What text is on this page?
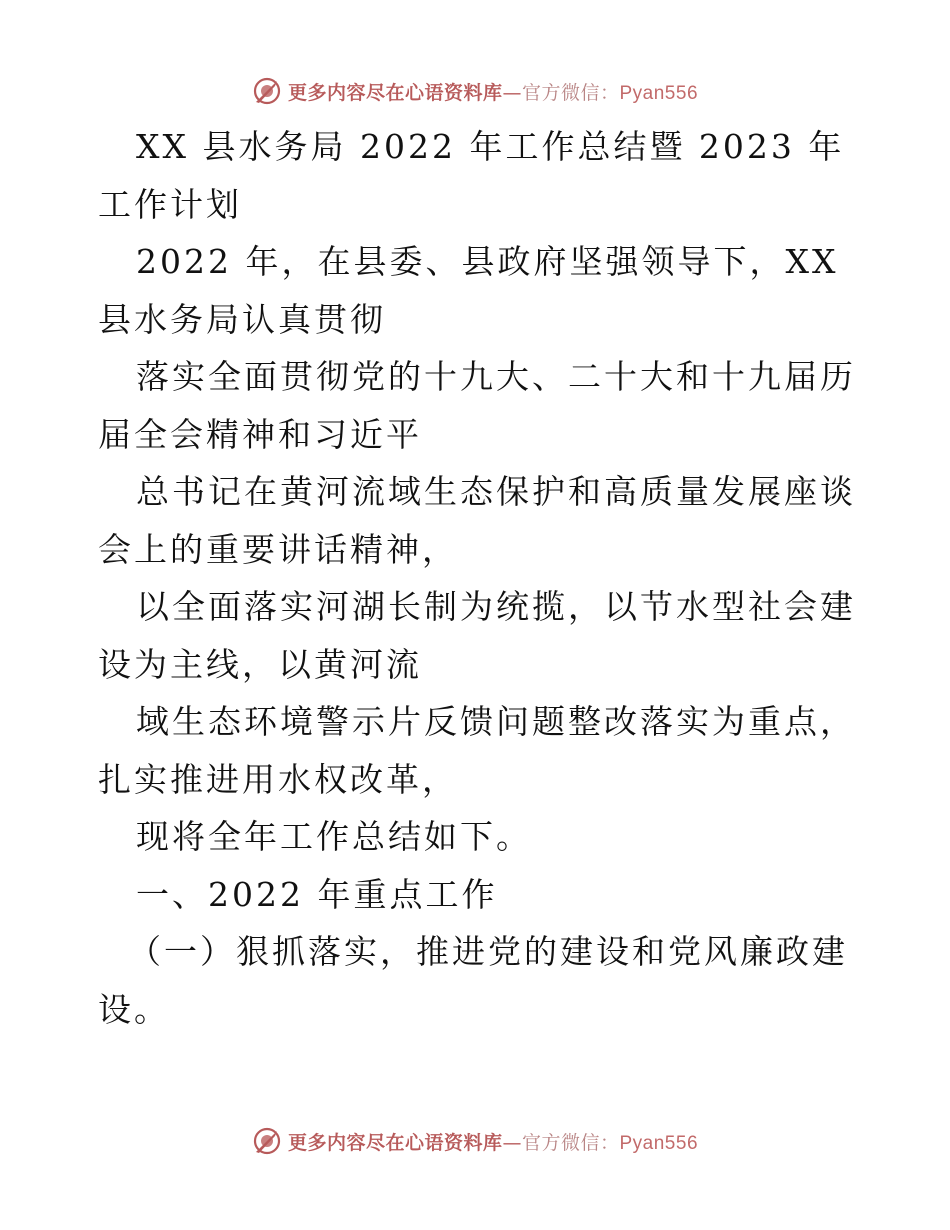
更多内容尽在心语资料库—官方微信：Pyan556

XX 县水务局 2022 年工作总结暨 2023 年工作计划

2022 年，在县委、县政府坚强领导下，XX 县水务局认真贯彻

落实全面贯彻党的十九大、二十大和十九届历届全会精神和习近平

总书记在黄河流域生态保护和高质量发展座谈会上的重要讲话精神，

以全面落实河湖长制为统揽，以节水型社会建设为主线，以黄河流

域生态环境警示片反馈问题整改落实为重点，扎实推进用水权改革，

现将全年工作总结如下。

一、2022 年重点工作

（一）狠抓落实，推进党的建设和党风廉政建设。

更多内容尽在心语资料库—官方微信：Pyan556
